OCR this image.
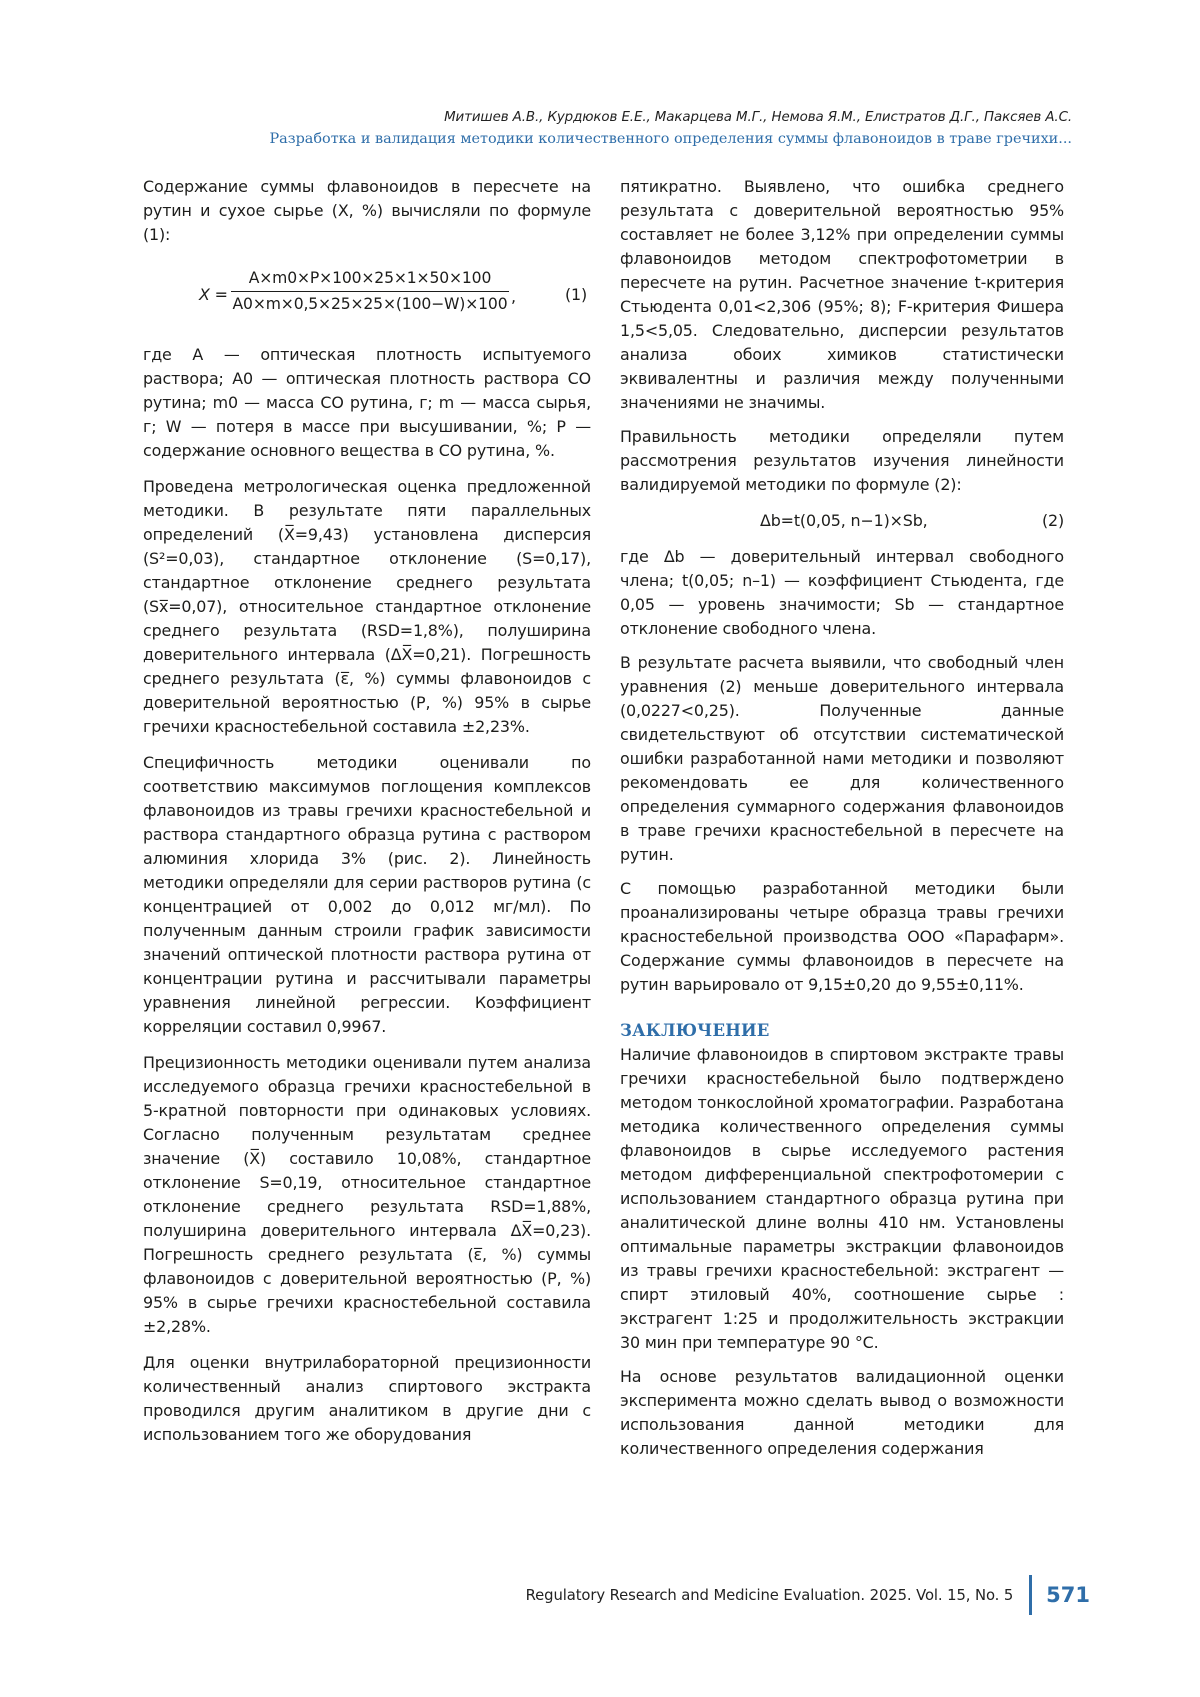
Митишев А.В., Курдюков Е.Е., Макарцева М.Г., Немова Я.М., Елистратов Д.Г., Паксяев А.С.
Разработка и валидация методики количественного определения суммы флавоноидов в траве гречихи...

Содержание суммы флавоноидов в пересчете на рутин и сухое сырье (X, %) вычисляли по формуле (1):

$X = \frac{A\times m0\times P\times 100\times 25\times 1\times 50\times 100}{A0\times m\times 0,5\times 25\times 25\times(100-W)\times 100}$ ,	(1)

где A — оптическая плотность испытуемого раствора; A0 — оптическая плотность раствора СО рутина; m0 — масса СО рутина, г; m — масса сырья, г; W — потеря в массе при высушивании, %; P — содержание основного вещества в СО рутина, %.

Проведена метрологическая оценка предложенной методики. В результате пяти параллельных определений (X̅=9,43) установлена дисперсия (S²=0,03), стандартное отклонение (S=0,17), стандартное отклонение среднего результата (Sx̅=0,07), относительное стандартное отклонение среднего результата (RSD=1,8%), полуширина доверительного интервала (ΔX̅=0,21). Погрешность среднего результата (ε̅, %) суммы флавоноидов с доверительной вероятностью (P, %) 95% в сырье гречихи красностебельной составила ±2,23%.

Специфичность методики оценивали по соответствию максимумов поглощения комплексов флавоноидов из травы гречихи красностебельной и раствора стандартного образца рутина с раствором алюминия хлорида 3% (рис. 2). Линейность методики определяли для серии растворов рутина (с концентрацией от 0,002 до 0,012 мг/мл). По полученным данным строили график зависимости значений оптической плотности раствора рутина от концентрации рутина и рассчитывали параметры уравнения линейной регрессии. Коэффициент корреляции составил 0,9967.

Прецизионность методики оценивали путем анализа исследуемого образца гречихи красностебельной в 5-кратной повторности при одинаковых условиях. Согласно полученным результатам среднее значение (X̅) составило 10,08%, стандартное отклонение S=0,19, относительное стандартное отклонение среднего результата RSD=1,88%, полуширина доверительного интервала ΔX̅=0,23). Погрешность среднего результата (ε̅, %) суммы флавоноидов с доверительной вероятностью (P, %) 95% в сырье гречихи красностебельной составила ±2,28%.

Для оценки внутрилабораторной прецизионности количественный анализ спиртового экстракта проводился другим аналитиком в другие дни с использованием того же оборудования

пятикратно. Выявлено, что ошибка среднего результата с доверительной вероятностью 95% составляет не более 3,12% при определении суммы флавоноидов методом спектрофотометрии в пересчете на рутин. Расчетное значение t-критерия Стьюдента 0,01<2,306 (95%; 8); F-критерия Фишера 1,5<5,05. Следовательно, дисперсии результатов анализа обоих химиков статистически эквивалентны и различия между полученными значениями не значимы.

Правильность методики определяли путем рассмотрения результатов изучения линейности валидируемой методики по формуле (2):

Δb=t(0,05, n−1)×Sb,	(2)

где Δb — доверительный интервал свободного члена; t(0,05; n–1) — коэффициент Стьюдента, где 0,05 — уровень значимости; Sb — стандартное отклонение свободного члена.

В результате расчета выявили, что свободный член уравнения (2) меньше доверительного интервала (0,0227<0,25). Полученные данные свидетельствуют об отсутствии систематической ошибки разработанной нами методики и позволяют рекомендовать ее для количественного определения суммарного содержания флавоноидов в траве гречихи красностебельной в пересчете на рутин.

С помощью разработанной методики были проанализированы четыре образца травы гречихи красностебельной производства ООО «Парафарм». Содержание суммы флавоноидов в пересчете на рутин варьировало от 9,15±0,20 до 9,55±0,11%.

ЗАКЛЮЧЕНИЕ

Наличие флавоноидов в спиртовом экстракте травы гречихи красностебельной было подтверждено методом тонкослойной хроматографии. Разработана методика количественного определения суммы флавоноидов в сырье исследуемого растения методом дифференциальной спектрофотомерии с использованием стандартного образца рутина при аналитической длине волны 410 нм. Установлены оптимальные параметры экстракции флавоноидов из травы гречихи красностебельной: экстрагент — спирт этиловый 40%, соотношение сырье : экстрагент 1:25 и продолжительность экстракции 30 мин при температуре 90 °С.

На основе результатов валидационной оценки эксперимента можно сделать вывод о возможности использования данной методики для количественного определения содержания

Regulatory Research and Medicine Evaluation. 2025. Vol. 15, No. 5 571
